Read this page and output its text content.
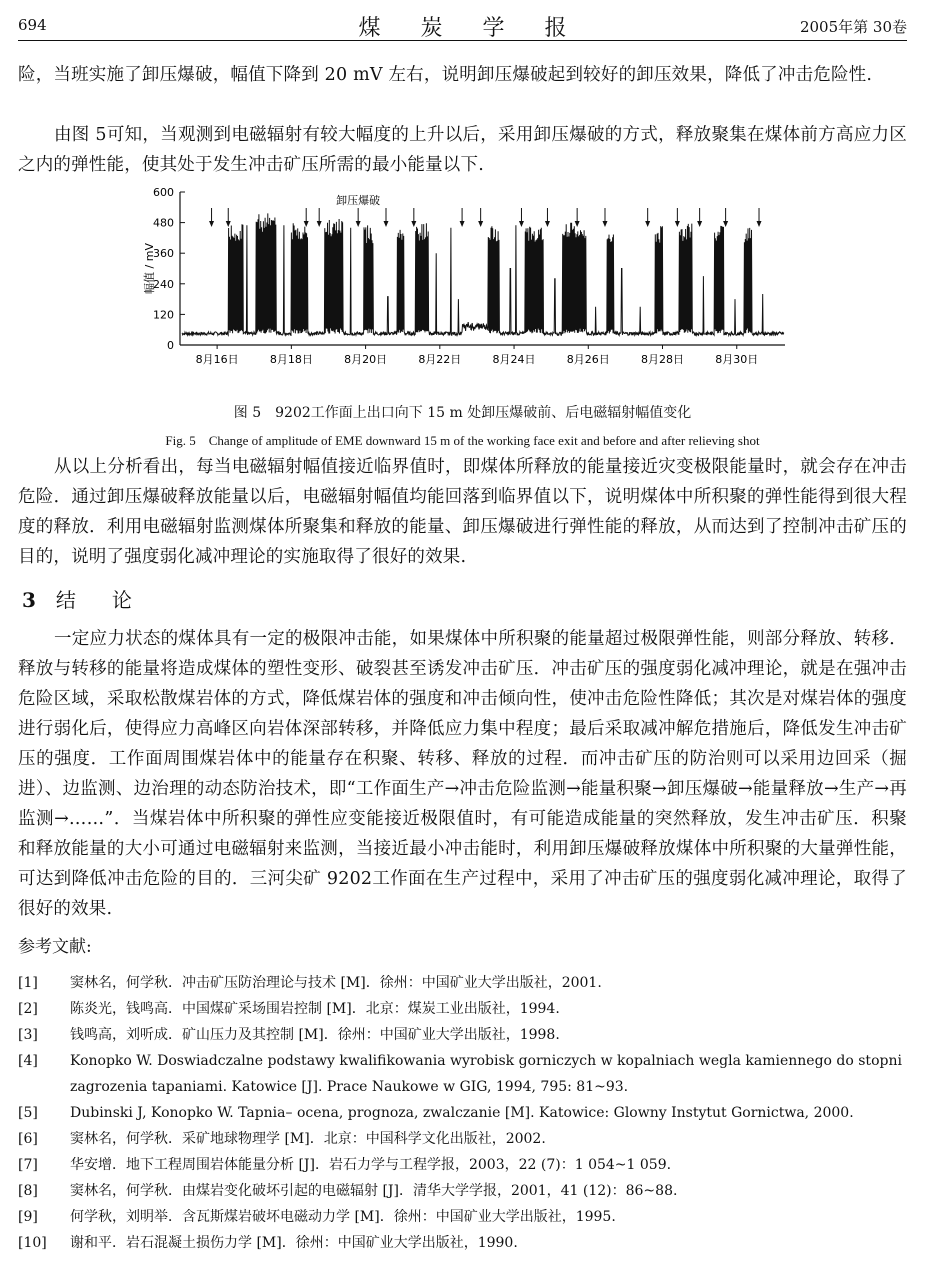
694	煤炭学报	2005年第 30卷
险，当班实施了卸压爆破，幅值下降到 20 mV 左右，说明卸压爆破起到较好的卸压效果，降低了冲击危险性.
由图 5可知，当观测到电磁辐射有较大幅度的上升以后，采用卸压爆破的方式，释放聚集在煤体前方高应力区之内的弹性能，使其处于发生冲击矿压所需的最小能量以下.
0
120
240
360
480
600
幅值 / mV
8月16日	8月18日	8月20日	8月22日	8月24日	8月26日	8月28日	8月30日
卸压爆破
图 5　9202工作面上出口向下 15 m 处卸压爆破前、后电磁辐射幅值变化
Fig. 5　Change of amplitude of EME downward 15 m of the working face exit and before and after relieving shot
从以上分析看出，每当电磁辐射幅值接近临界值时，即煤体所释放的能量接近灾变极限能量时，就会存在冲击危险．通过卸压爆破释放能量以后，电磁辐射幅值均能回落到临界值以下，说明煤体中所积聚的弹性能得到很大程度的释放．利用电磁辐射监测煤体所聚集和释放的能量、卸压爆破进行弹性能的释放，从而达到了控制冲击矿压的目的，说明了强度弱化减冲理论的实施取得了很好的效果.
3 结论
一定应力状态的煤体具有一定的极限冲击能，如果煤体中所积聚的能量超过极限弹性能，则部分释放、转移．释放与转移的能量将造成煤体的塑性变形、破裂甚至诱发冲击矿压．冲击矿压的强度弱化减冲理论，就是在强冲击危险区域，采取松散煤岩体的方式，降低煤岩体的强度和冲击倾向性，使冲击危险性降低；其次是对煤岩体的强度进行弱化后，使得应力高峰区向岩体深部转移，并降低应力集中程度；最后采取减冲解危措施后，降低发生冲击矿压的强度．工作面周围煤岩体中的能量存在积聚、转移、释放的过程．而冲击矿压的防治则可以采用边回采（掘进）、边监测、边治理的动态防治技术，即“工作面生产→冲击危险监测→能量积聚→卸压爆破→能量释放→生产→再监测→……”．当煤岩体中所积聚的弹性应变能接近极限值时，有可能造成能量的突然释放，发生冲击矿压．积聚和释放能量的大小可通过电磁辐射来监测，当接近最小冲击能时，利用卸压爆破释放煤体中所积聚的大量弹性能，可达到降低冲击危险的目的．三河尖矿 9202工作面在生产过程中，采用了冲击矿压的强度弱化减冲理论，取得了很好的效果.
参考文献:
[1] 窦林名，何学秋．冲击矿压防治理论与技术 [M]．徐州：中国矿业大学出版社，2001.
[2] 陈炎光，钱鸣高．中国煤矿采场围岩控制 [M]．北京：煤炭工业出版社，1994.
[3] 钱鸣高，刘听成．矿山压力及其控制 [M]．徐州：中国矿业大学出版社，1998.
[4] Konopko W. Doswiadczalne podstawy kwalifikowania wyrobisk gorniczych w kopalniach wegla kamiennego do stopni zagrozenia tapaniami. Katowice [J]. Prace Naukowe w GIG, 1994, 795: 81~93.
[5] Dubinski J, Konopko W. Tapnia– ocena, prognoza, zwalczanie [M]. Katowice: Glowny Instytut Gornictwa, 2000.
[6] 窦林名，何学秋．采矿地球物理学 [M]．北京：中国科学文化出版社，2002.
[7] 华安增．地下工程周围岩体能量分析 [J]．岩石力学与工程学报，2003，22 (7)：1 054~1 059.
[8] 窦林名，何学秋．由煤岩变化破坏引起的电磁辐射 [J]．清华大学学报，2001，41 (12)：86~88.
[9] 何学秋，刘明举．含瓦斯煤岩破坏电磁动力学 [M]．徐州：中国矿业大学出版社，1995.
[10] 谢和平．岩石混凝土损伤力学 [M]．徐州：中国矿业大学出版社，1990.
